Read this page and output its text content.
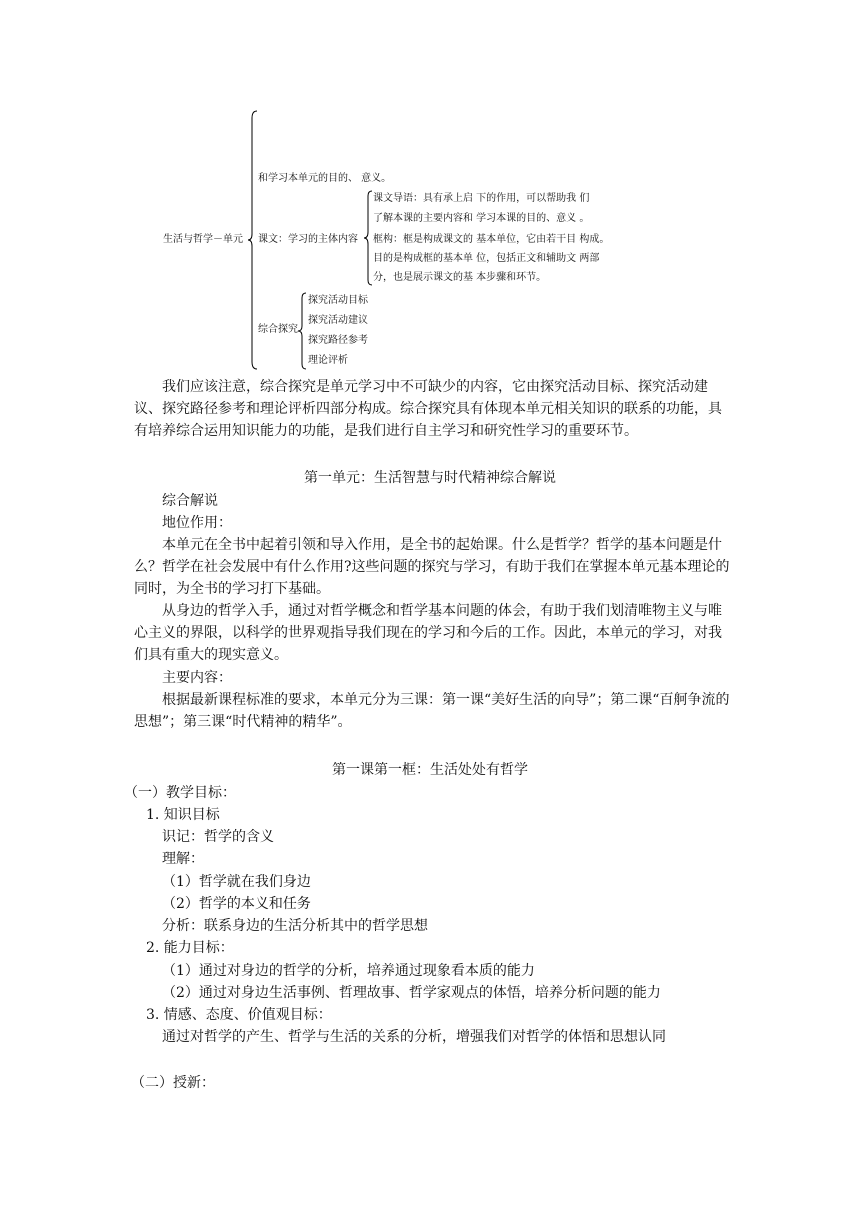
生活与哲学－单元
和学习本单元的目的、 意义。
课文：学习的主体内容
课文导语：具有承上启 下的作用，可以帮助我 们
了解本课的主要内容和 学习本课的目的、意义 。
框构：框是构成课文的 基本单位，它由若干目 构成。
目的是构成框的基本单 位，包括正文和辅助文 两部
分，也是展示课文的基 本步骤和环节。
综合探究
探究活动目标
探究活动建议
探究路径参考
理论评析
我们应该注意，综合探究是单元学习中不可缺少的内容，它由探究活动目标、探究活动建议、探究路径参考和理论评析四部分构成。综合探究具有体现本单元相关知识的联系的功能，具有培养综合运用知识能力的功能，是我们进行自主学习和研究性学习的重要环节。
第一单元：生活智慧与时代精神综合解说
综合解说
地位作用：
本单元在全书中起着引领和导入作用，是全书的起始课。什么是哲学？哲学的基本问题是什么？哲学在社会发展中有什么作用?这些问题的探究与学习，有助于我们在掌握本单元基本理论的同时，为全书的学习打下基础。
从身边的哲学入手，通过对哲学概念和哲学基本问题的体会，有助于我们划清唯物主义与唯心主义的界限，以科学的世界观指导我们现在的学习和今后的工作。因此，本单元的学习，对我们具有重大的现实意义。
主要内容：
根据最新课程标准的要求，本单元分为三课：第一课“美好生活的向导”；第二课“百舸争流的思想”；第三课“时代精神的精华”。
第一课第一框：生活处处有哲学
（一）教学目标：
1. 知识目标
识记：哲学的含义
理解：
（1）哲学就在我们身边
（2）哲学的本义和任务
分析：联系身边的生活分析其中的哲学思想
2. 能力目标：
（1）通过对身边的哲学的分析，培养通过现象看本质的能力
（2）通过对身边生活事例、哲理故事、哲学家观点的体悟，培养分析问题的能力
3. 情感、态度、价值观目标：
通过对哲学的产生、哲学与生活的关系的分析，增强我们对哲学的体悟和思想认同
（二）授新：
